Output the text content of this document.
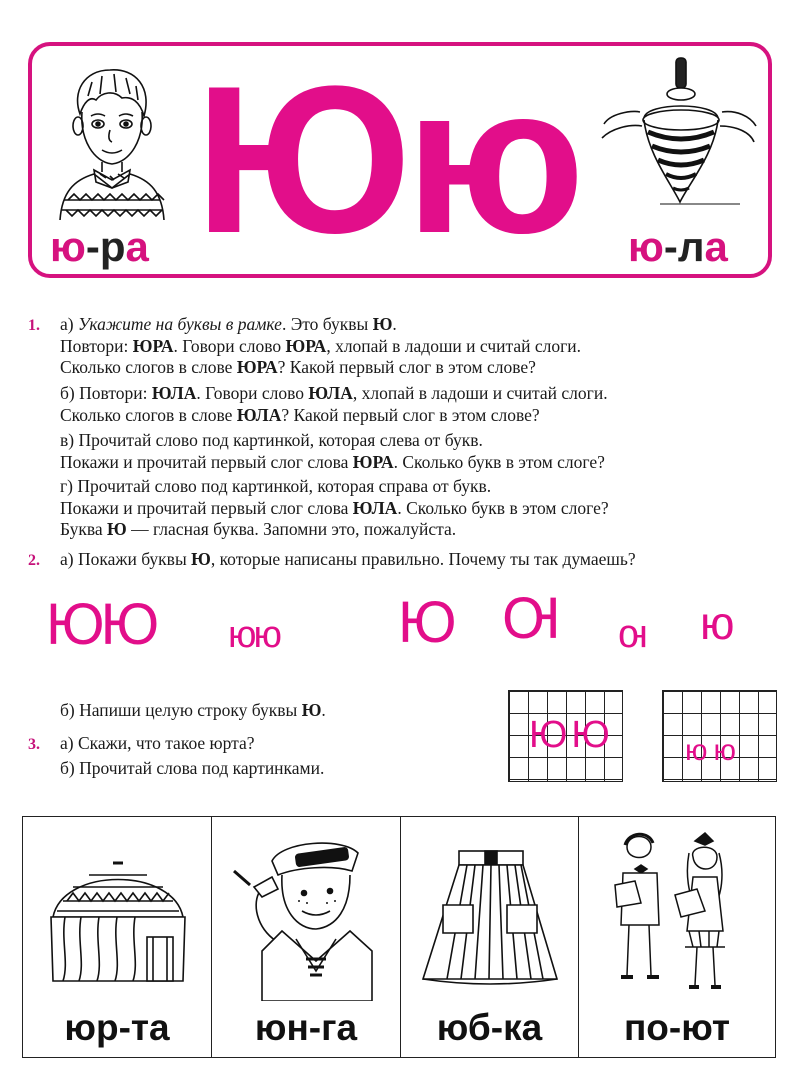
ю-ра Юю	ю-ла
1. а) Укажите на буквы в рамке. Это буквы Ю.
Повтори: ЮРА. Говори слово ЮРА, хлопай в ладоши и считай слоги.
Сколько слогов в слове ЮРА? Какой первый слог в этом слове?
б) Повтори: ЮЛА. Говори слово ЮЛА, хлопай в ладоши и считай слоги.
Сколько слогов в слове ЮЛА? Какой первый слог в этом слове?
в) Прочитай слово под картинкой, которая слева от букв.
Покажи и прочитай первый слог слова ЮРА. Сколько букв в этом слоге?
г) Прочитай слово под картинкой, которая справа от букв.
Покажи и прочитай первый слог слова ЮЛА. Сколько букв в этом слоге?
Буква Ю — гласная буква. Запомни это, пожалуйста.
2. а) Покажи буквы Ю, которые написаны правильно. Почему ты так думаешь?
ЮЮ юю Ю Ю ю ю
б) Напиши целую строку буквы Ю.
ЮЮ юю
3. а) Скажи, что такое юрта?
б) Прочитай слова под картинками.
юр-та	юн-га	юб-ка	по-ют
